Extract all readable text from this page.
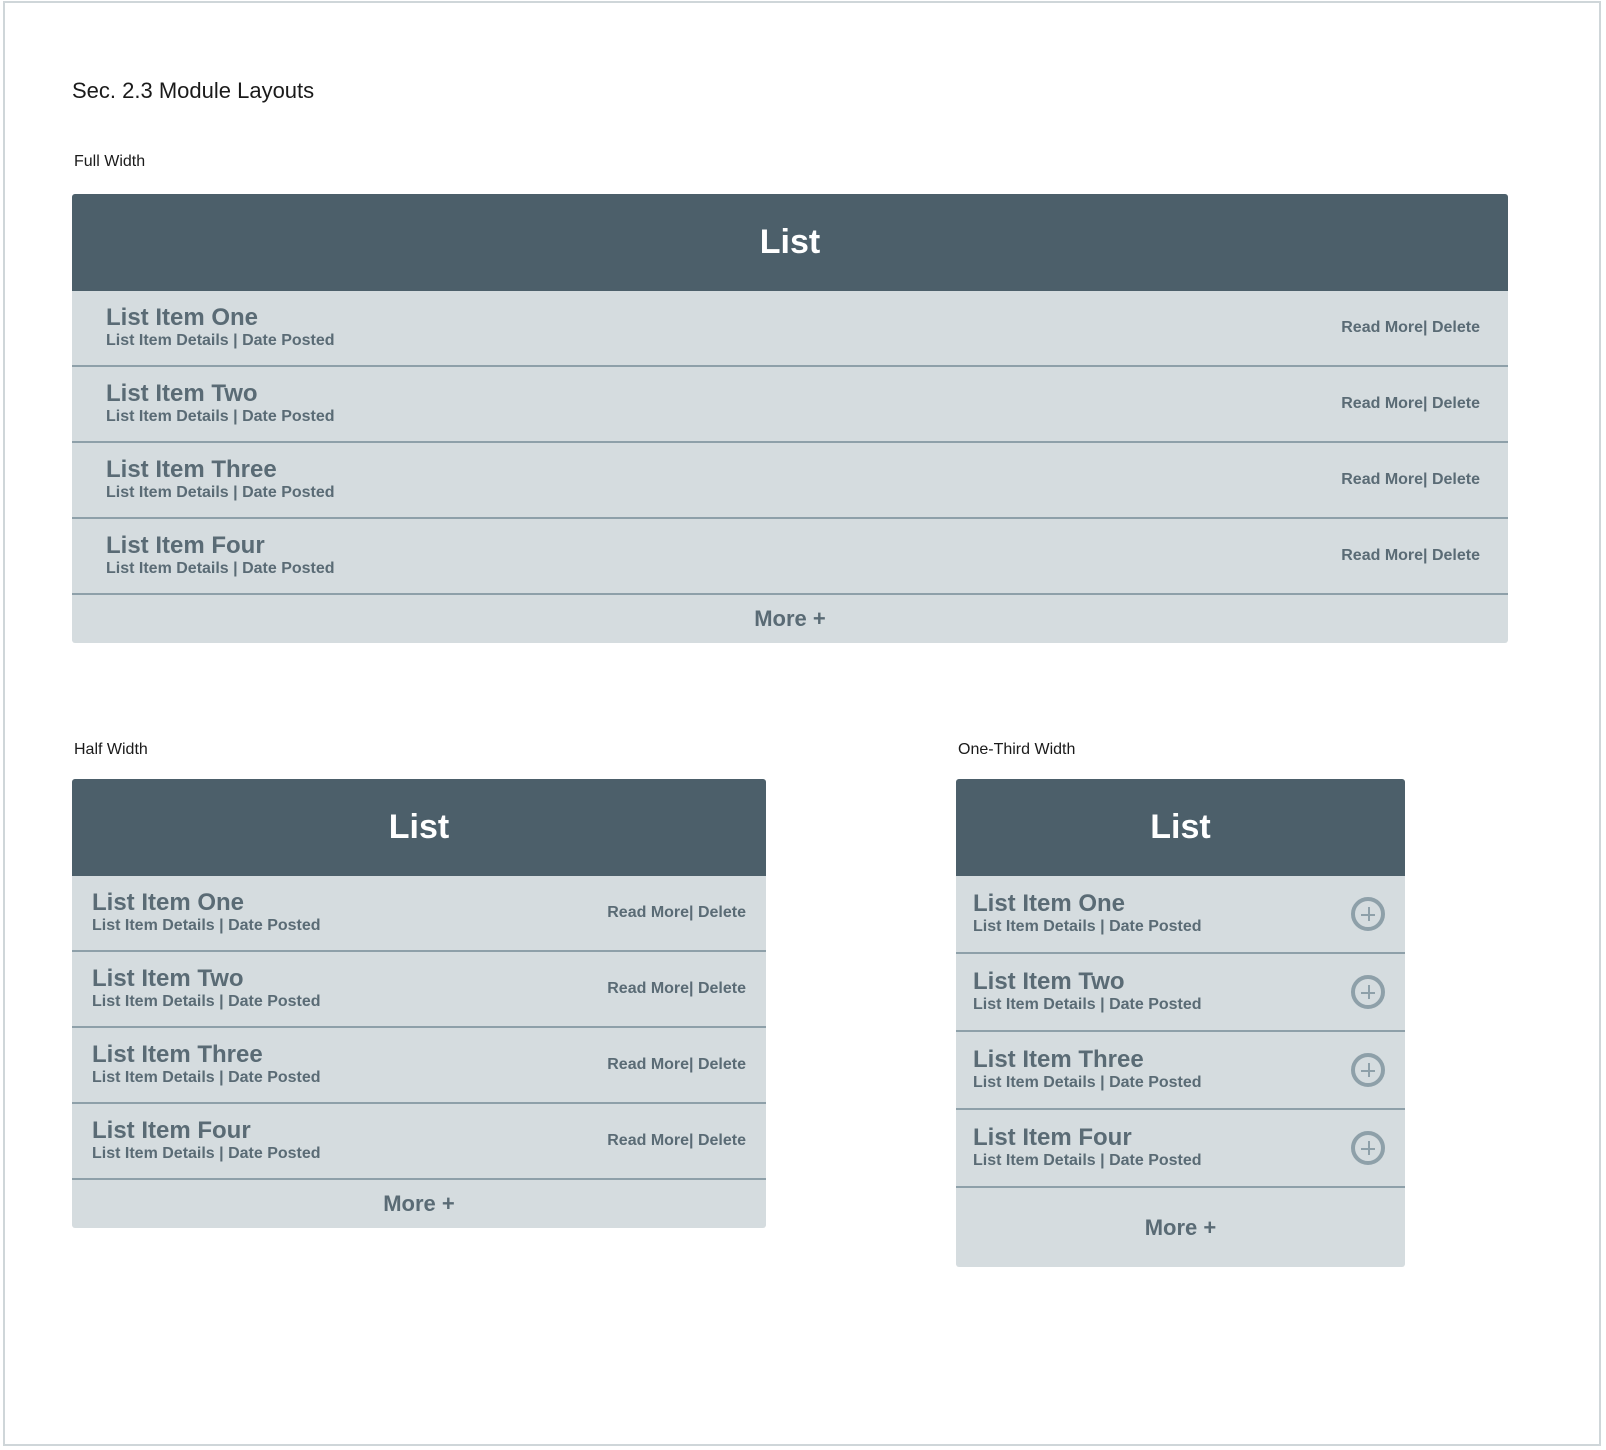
Sec. 2.3 Module Layouts
Full Width
List
List Item One
List Item Details | Date Posted
Read More| Delete
List Item Two
List Item Details | Date Posted
Read More| Delete
List Item Three
List Item Details | Date Posted
Read More| Delete
List Item Four
List Item Details | Date Posted
Read More| Delete
More +
Half Width
List
List Item One
List Item Details | Date Posted
Read More| Delete
List Item Two
List Item Details | Date Posted
Read More| Delete
List Item Three
List Item Details | Date Posted
Read More| Delete
List Item Four
List Item Details | Date Posted
Read More| Delete
More +
One-Third Width
List
List Item One
List Item Details | Date Posted
List Item Two
List Item Details | Date Posted
List Item Three
List Item Details | Date Posted
List Item Four
List Item Details | Date Posted
More +
